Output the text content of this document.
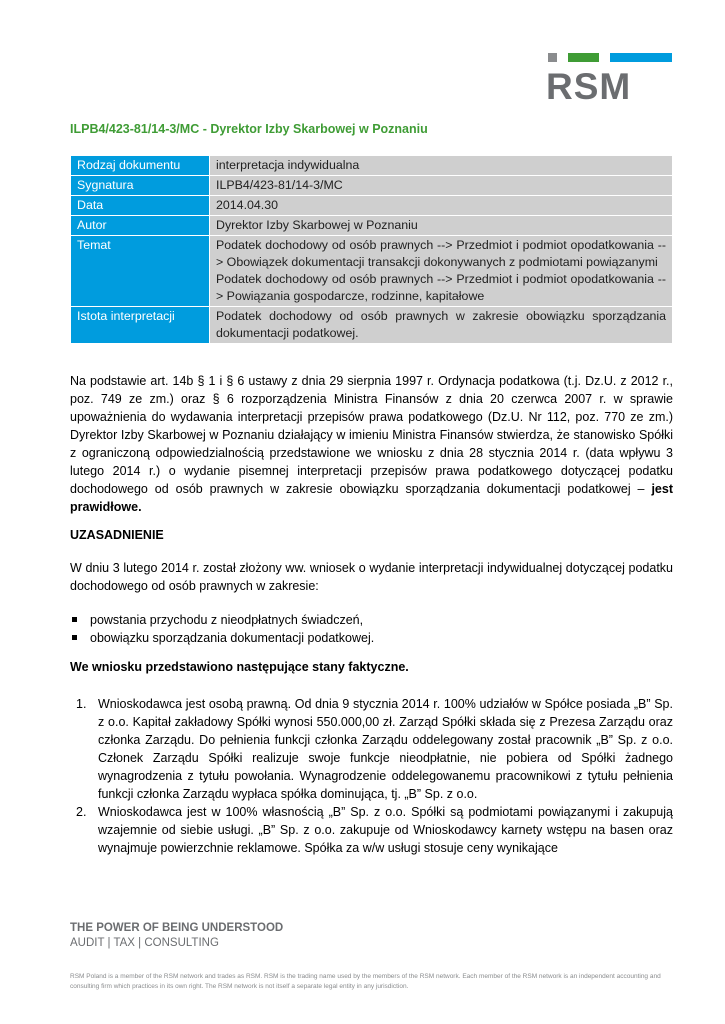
RSM
ILPB4/423-81/14-3/MC - Dyrektor Izby Skarbowej w Poznaniu
Rodzaj dokumentu	interpretacja indywidualna

Sygnatura	ILPB4/423-81/14-3/MC

Data	2014.04.30

Autor	Dyrektor Izby Skarbowej w Poznaniu

Temat	Podatek dochodowy od osób prawnych --> Przedmiot i podmiot opodatkowania --> Obowiązek dokumentacji transakcji dokonywanych z podmiotami powiązanymi
Podatek dochodowy od osób prawnych --> Przedmiot i podmiot opodatkowania --> Powiązania gospodarcze, rodzinne, kapitałowe

Istota interpretacji	Podatek dochodowy od osób prawnych w zakresie obowiązku sporządzania dokumentacji podatkowej.
Na podstawie art. 14b § 1 i § 6 ustawy z dnia 29 sierpnia 1997 r. Ordynacja podatkowa (t.j. Dz.U. z 2012 r., poz. 749 ze zm.) oraz § 6 rozporządzenia Ministra Finansów z dnia 20 czerwca 2007 r. w sprawie upoważnienia do wydawania interpretacji przepisów prawa podatkowego (Dz.U. Nr 112, poz. 770 ze zm.) Dyrektor Izby Skarbowej w Poznaniu działający w imieniu Ministra Finansów stwierdza, że stanowisko Spółki z ograniczoną odpowiedzialnością przedstawione we wniosku z dnia 28 stycznia 2014 r. (data wpływu 3 lutego 2014 r.) o wydanie pisemnej interpretacji przepisów prawa podatkowego dotyczącej podatku dochodowego od osób prawnych w zakresie obowiązku sporządzania dokumentacji podatkowej – jest prawidłowe.
UZASADNIENIE
W dniu 3 lutego 2014 r. został złożony ww. wniosek o wydanie interpretacji indywidualnej dotyczącej podatku dochodowego od osób prawnych w zakresie:
powstania przychodu z nieodpłatnych świadczeń,
obowiązku sporządzania dokumentacji podatkowej.
We wniosku przedstawiono następujące stany faktyczne.
1. Wnioskodawca jest osobą prawną. Od dnia 9 stycznia 2014 r. 100% udziałów w Spółce posiada „B” Sp. z o.o. Kapitał zakładowy Spółki wynosi 550.000,00 zł. Zarząd Spółki składa się z Prezesa Zarządu oraz członka Zarządu. Do pełnienia funkcji członka Zarządu oddelegowany został pracownik „B” Sp. z o.o. Członek Zarządu Spółki realizuje swoje funkcje nieodpłatnie, nie pobiera od Spółki żadnego wynagrodzenia z tytułu powołania. Wynagrodzenie oddelegowanemu pracownikowi z tytułu pełnienia funkcji członka Zarządu wypłaca spółka dominująca, tj. „B” Sp. z o.o.
2. Wnioskodawca jest w 100% własnością „B” Sp. z o.o. Spółki są podmiotami powiązanymi i zakupują wzajemnie od siebie usługi. „B” Sp. z o.o. zakupuje od Wnioskodawcy karnety wstępu na basen oraz wynajmuje powierzchnie reklamowe. Spółka za w/w usługi stosuje ceny wynikające
THE POWER OF BEING UNDERSTOOD
AUDIT | TAX | CONSULTING
RSM Poland is a member of the RSM network and trades as RSM. RSM is the trading name used by the members of the RSM network. Each member of the RSM network is an independent accounting and consulting firm which practices in its own right. The RSM network is not itself a separate legal entity in any jurisdiction.
